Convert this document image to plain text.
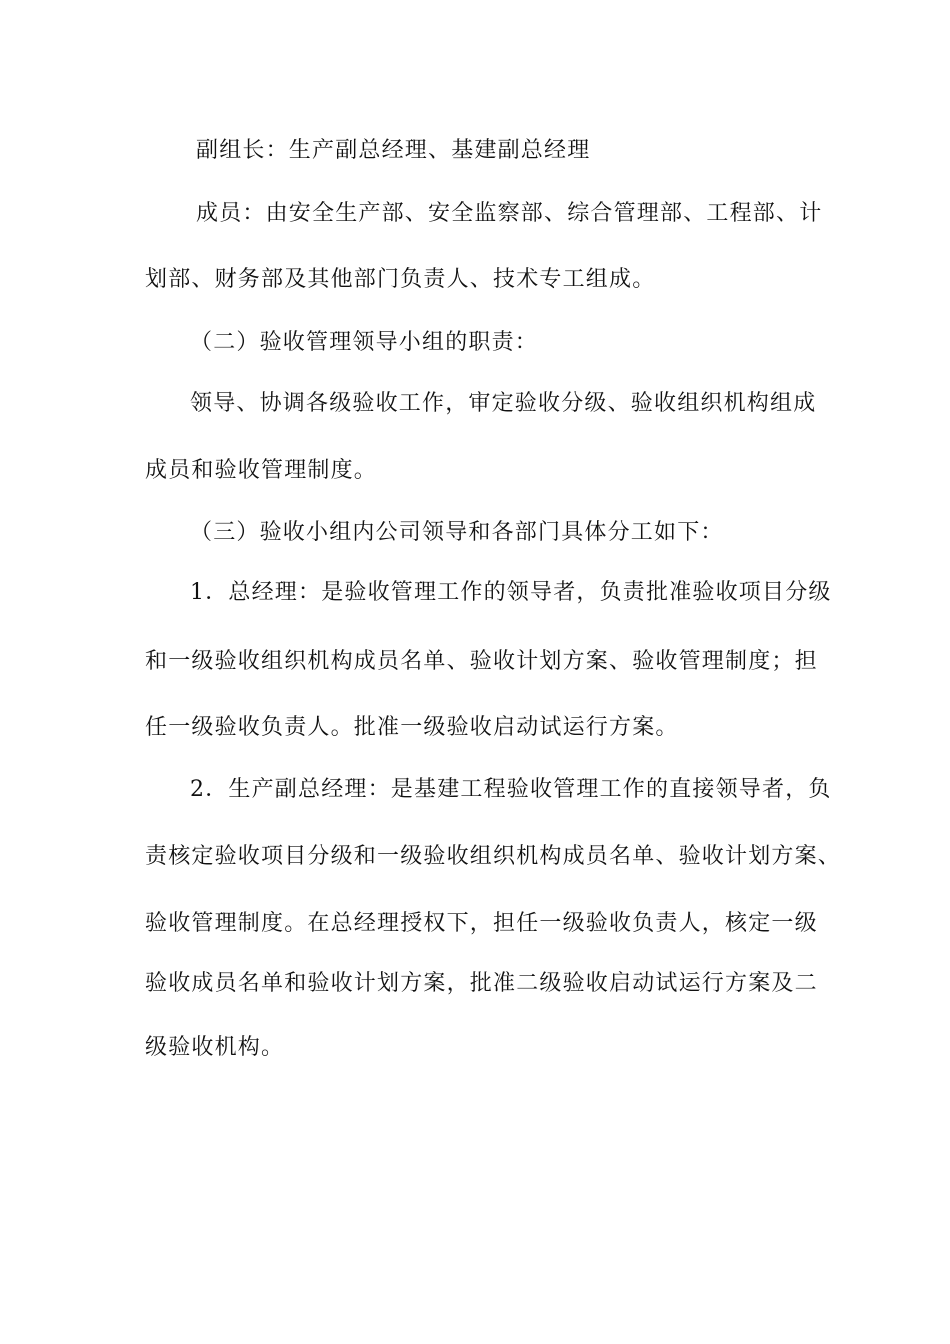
副组长：生产副总经理、基建副总经理
成员：由安全生产部、安全监察部、综合管理部、工程部、计
划部、财务部及其他部门负责人、技术专工组成。
（二）验收管理领导小组的职责：
领导、协调各级验收工作，审定验收分级、验收组织机构组成
成员和验收管理制度。
（三）验收小组内公司领导和各部门具体分工如下：
1．总经理：是验收管理工作的领导者，负责批准验收项目分级
和一级验收组织机构成员名单、验收计划方案、验收管理制度；担
任一级验收负责人。批准一级验收启动试运行方案。
2．生产副总经理：是基建工程验收管理工作的直接领导者，负
责核定验收项目分级和一级验收组织机构成员名单、验收计划方案、
验收管理制度。在总经理授权下，担任一级验收负责人，核定一级
验收成员名单和验收计划方案，批准二级验收启动试运行方案及二
级验收机构。
